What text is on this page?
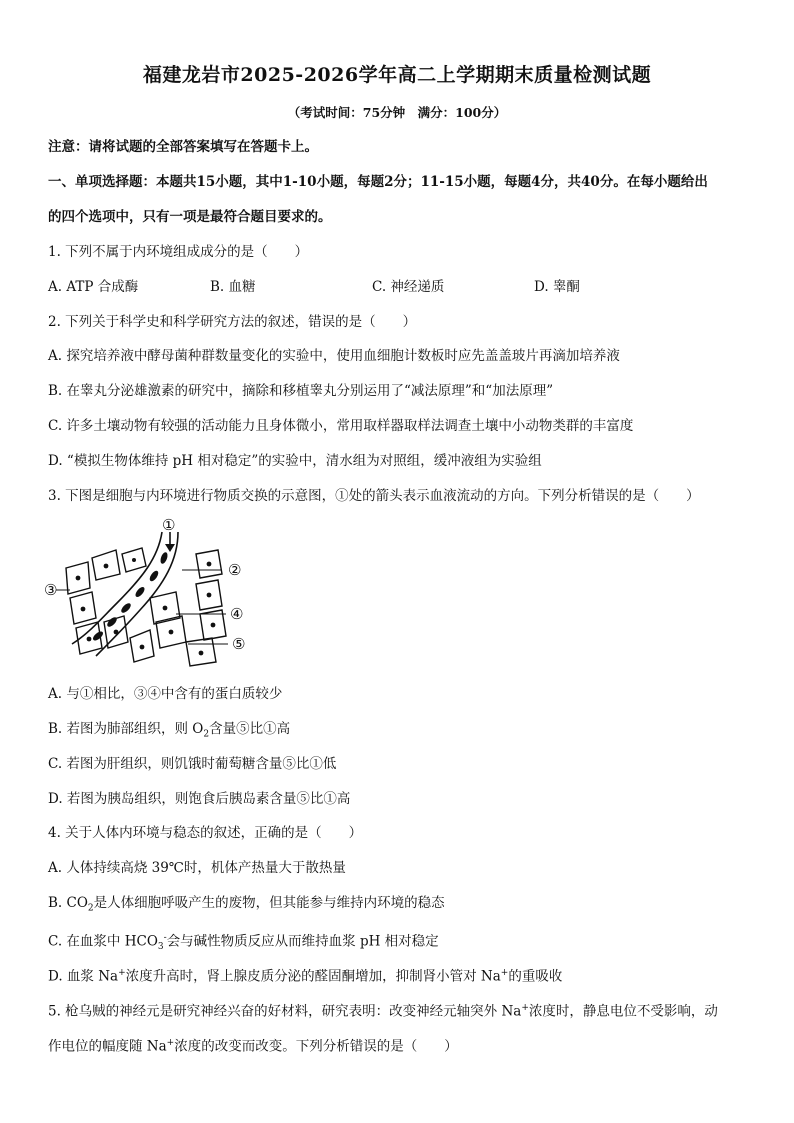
福建龙岩市2025-2026学年高二上学期期末质量检测试题
（考试时间：75分钟　满分：100分）
注意：请将试题的全部答案填写在答题卡上。
一、单项选择题：本题共15小题，其中1-10小题，每题2分；11-15小题，每题4分，共40分。在每小题给出
的四个选项中，只有一项是最符合题目要求的。
1. 下列不属于内环境组成成分的是（　　）
A. ATP 合成酶	B. 血糖	C. 神经递质	D. 睾酮
2. 下列关于科学史和科学研究方法的叙述，错误的是（　　）
A. 探究培养液中酵母菌种群数量变化的实验中，使用血细胞计数板时应先盖盖玻片再滴加培养液
B. 在睾丸分泌雄激素的研究中，摘除和移植睾丸分别运用了“减法原理”和“加法原理”
C. 许多土壤动物有较强的活动能力且身体微小，常用取样器取样法调查土壤中小动物类群的丰富度
D. “模拟生物体维持 pH 相对稳定”的实验中，清水组为对照组，缓冲液组为实验组
3. 下图是细胞与内环境进行物质交换的示意图，①处的箭头表示血液流动的方向。下列分析错误的是（　　）
①
②
③
④
⑤
A. 与①相比，③④中含有的蛋白质较少
B. 若图为肺部组织，则 $O_2$含量⑤比①高
C. 若图为肝组织，则饥饿时葡萄糖含量⑤比①低
D. 若图为胰岛组织，则饱食后胰岛素含量⑤比①高
4. 关于人体内环境与稳态的叙述，正确的是（　　）
A. 人体持续高烧 39℃时，机体产热量大于散热量
B. $CO_2$是人体细胞呼吸产生的废物，但其能参与维持内环境的稳态
C. 在血浆中 $HCO_3^-$会与碱性物质反应从而维持血浆 pH 相对稳定
D. 血浆 Na+浓度升高时，肾上腺皮质分泌的醛固酮增加，抑制肾小管对 Na+的重吸收
5. 枪乌贼的神经元是研究神经兴奋的好材料，研究表明：改变神经元轴突外 Na+浓度时，静息电位不受影响，动
作电位的幅度随 Na+浓度的改变而改变。下列分析错误的是（　　）
